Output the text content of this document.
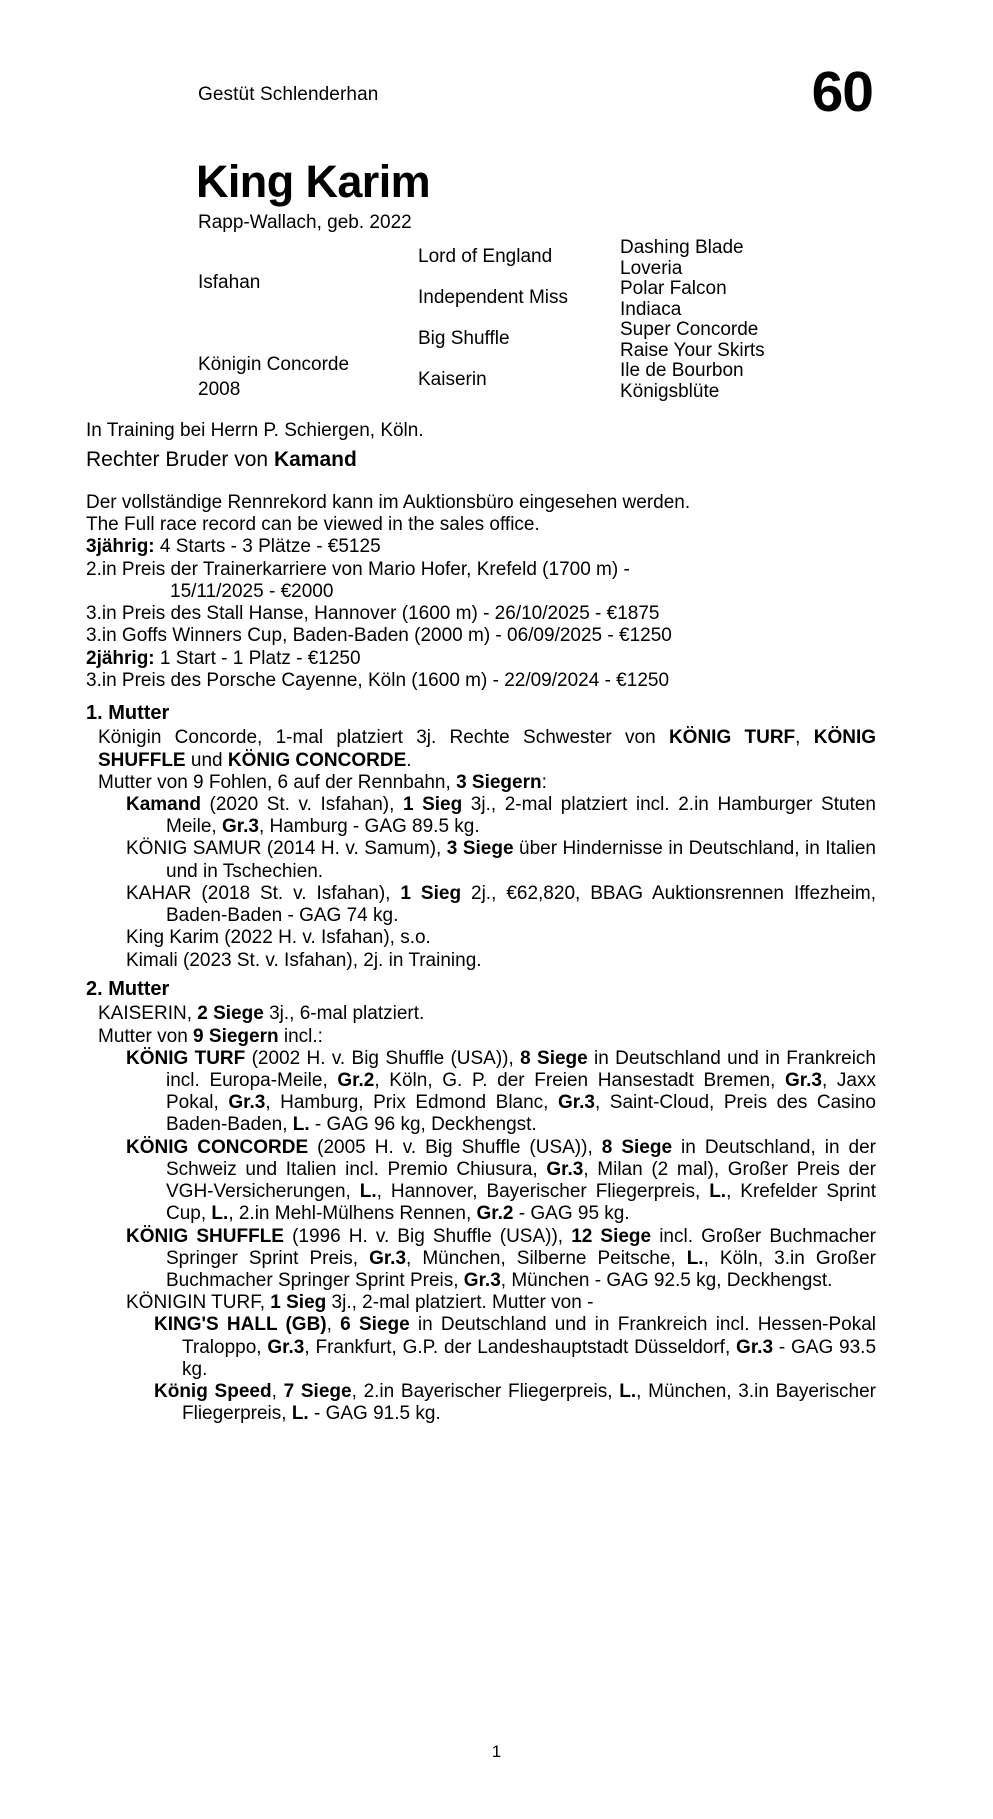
Gestüt Schlenderhan	60
King Karim
Rapp-Wallach, geb. 2022
Isfahan
Königin Concorde
2008
Lord of England
Independent Miss
Big Shuffle
Kaiserin
Dashing Blade
Loveria
Polar Falcon
Indiaca
Super Concorde
Raise Your Skirts
Ile de Bourbon
Königsblüte
In Training bei Herrn P. Schiergen, Köln.
Rechter Bruder von Kamand
Der vollständige Rennrekord kann im Auktionsbüro eingesehen werden.
The Full race record can be viewed in the sales office.
3jährig: 4 Starts - 3 Plätze - €5125
2.in Preis der Trainerkarriere von Mario Hofer, Krefeld (1700 m) -
15/11/2025 - €2000
3.in Preis des Stall Hanse, Hannover (1600 m) - 26/10/2025 - €1875
3.in Goffs Winners Cup, Baden-Baden (2000 m) - 06/09/2025 - €1250
2jährig: 1 Start - 1 Platz - €1250
3.in Preis des Porsche Cayenne, Köln (1600 m) - 22/09/2024 - €1250
1. Mutter
Königin Concorde, 1-mal platziert 3j. Rechte Schwester von KÖNIG TURF, KÖNIG SHUFFLE und KÖNIG CONCORDE.
Mutter von 9 Fohlen, 6 auf der Rennbahn, 3 Siegern:
Kamand (2020 St. v. Isfahan), 1 Sieg 3j., 2-mal platziert incl. 2.in Hamburger Stuten Meile, Gr.3, Hamburg - GAG 89.5 kg.
KÖNIG SAMUR (2014 H. v. Samum), 3 Siege über Hindernisse in Deutschland, in Italien und in Tschechien.
KAHAR (2018 St. v. Isfahan), 1 Sieg 2j., €62,820, BBAG Auktionsrennen Iffezheim, Baden-Baden - GAG 74 kg.
King Karim (2022 H. v. Isfahan), s.o.
Kimali (2023 St. v. Isfahan), 2j. in Training.
2. Mutter
KAISERIN, 2 Siege 3j., 6-mal platziert.
Mutter von 9 Siegern incl.:
KÖNIG TURF (2002 H. v. Big Shuffle (USA)), 8 Siege in Deutschland und in Frankreich incl. Europa-Meile, Gr.2, Köln, G. P. der Freien Hansestadt Bremen, Gr.3, Jaxx Pokal, Gr.3, Hamburg, Prix Edmond Blanc, Gr.3, Saint-Cloud, Preis des Casino Baden-Baden, L. - GAG 96 kg, Deckhengst.
KÖNIG CONCORDE (2005 H. v. Big Shuffle (USA)), 8 Siege in Deutschland, in der Schweiz und Italien incl. Premio Chiusura, Gr.3, Milan (2 mal), Großer Preis der VGH-Versicherungen, L., Hannover, Bayerischer Fliegerpreis, L., Krefelder Sprint Cup, L., 2.in Mehl-Mülhens Rennen, Gr.2 - GAG 95 kg.
KÖNIG SHUFFLE (1996 H. v. Big Shuffle (USA)), 12 Siege incl. Großer Buchmacher Springer Sprint Preis, Gr.3, München, Silberne Peitsche, L., Köln, 3.in Großer Buchmacher Springer Sprint Preis, Gr.3, München - GAG 92.5 kg, Deckhengst.
KÖNIGIN TURF, 1 Sieg 3j., 2-mal platziert. Mutter von -
KING'S HALL (GB), 6 Siege in Deutschland und in Frankreich incl. Hessen-Pokal Traloppo, Gr.3, Frankfurt, G.P. der Landeshauptstadt Düsseldorf, Gr.3 - GAG 93.5 kg.
König Speed, 7 Siege, 2.in Bayerischer Fliegerpreis, L., München, 3.in Bayerischer Fliegerpreis, L. - GAG 91.5 kg.
1
